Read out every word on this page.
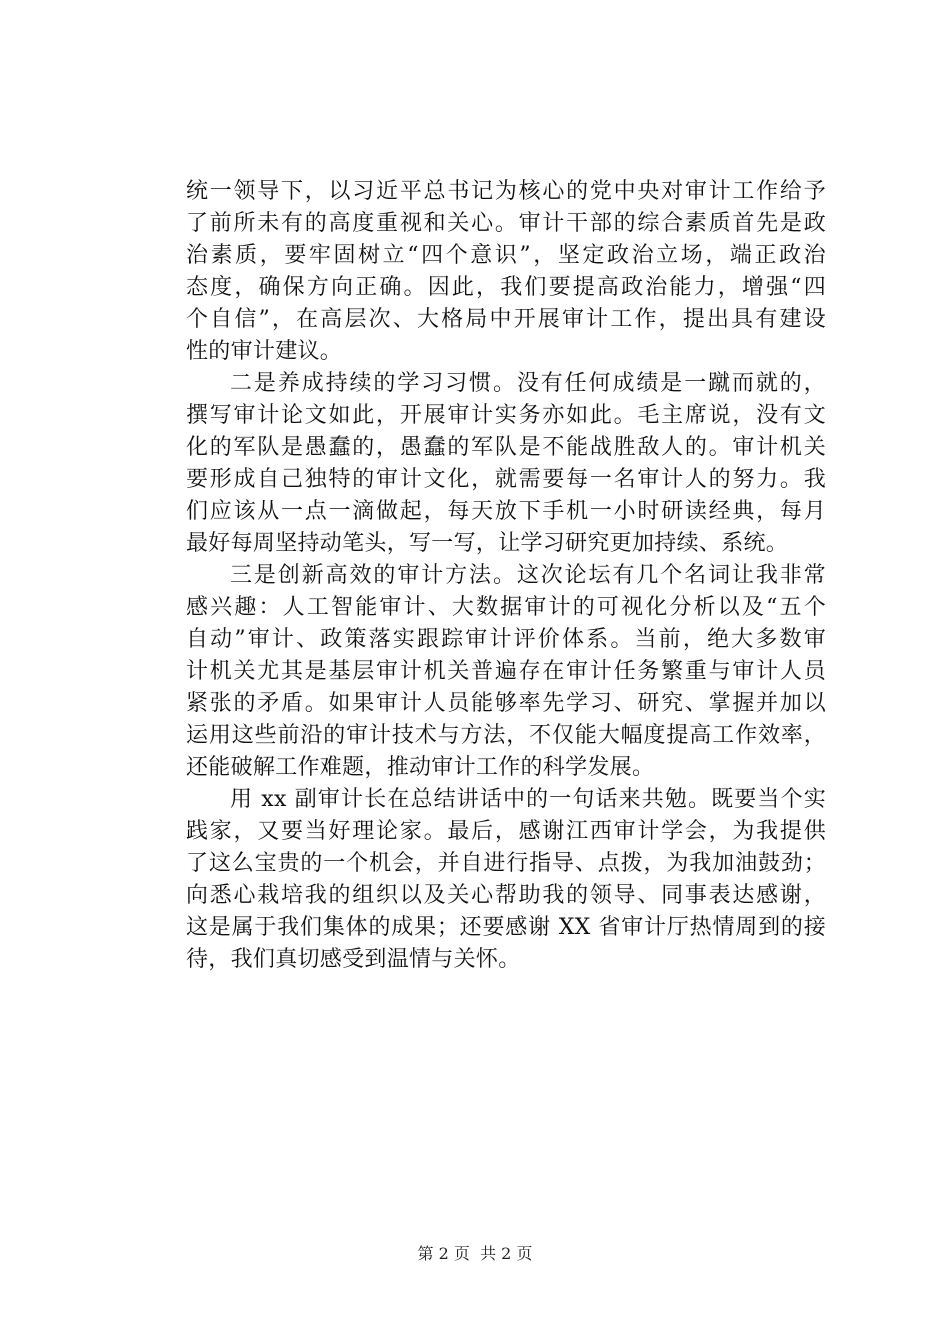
统一领导下，以习近平总书记为核心的党中央对审计工作给予
了前所未有的高度重视和关心。审计干部的综合素质首先是政
治素质，要牢固树立“四个意识”，坚定政治立场，端正政治
态度，确保方向正确。因此，我们要提高政治能力，增强“四
个自信”，在高层次、大格局中开展审计工作，提出具有建设
性的审计建议。
二是养成持续的学习习惯。没有任何成绩是一蹴而就的，
撰写审计论文如此，开展审计实务亦如此。毛主席说，没有文
化的军队是愚蠢的，愚蠢的军队是不能战胜敌人的。审计机关
要形成自己独特的审计文化，就需要每一名审计人的努力。我
们应该从一点一滴做起，每天放下手机一小时研读经典，每月
最好每周坚持动笔头，写一写，让学习研究更加持续、系统。
三是创新高效的审计方法。这次论坛有几个名词让我非常
感兴趣：人工智能审计、大数据审计的可视化分析以及“五个
自动”审计、政策落实跟踪审计评价体系。当前，绝大多数审
计机关尤其是基层审计机关普遍存在审计任务繁重与审计人员
紧张的矛盾。如果审计人员能够率先学习、研究、掌握并加以
运用这些前沿的审计技术与方法，不仅能大幅度提高工作效率，
还能破解工作难题，推动审计工作的科学发展。
用 xx 副审计长在总结讲话中的一句话来共勉。既要当个实
践家，又要当好理论家。最后，感谢江西审计学会，为我提供
了这么宝贵的一个机会，并自进行指导、点拨，为我加油鼓劲；
向悉心栽培我的组织以及关心帮助我的领导、同事表达感谢，
这是属于我们集体的成果；还要感谢 XX 省审计厅热情周到的接
待，我们真切感受到温情与关怀。
第 2 页  共 2 页
